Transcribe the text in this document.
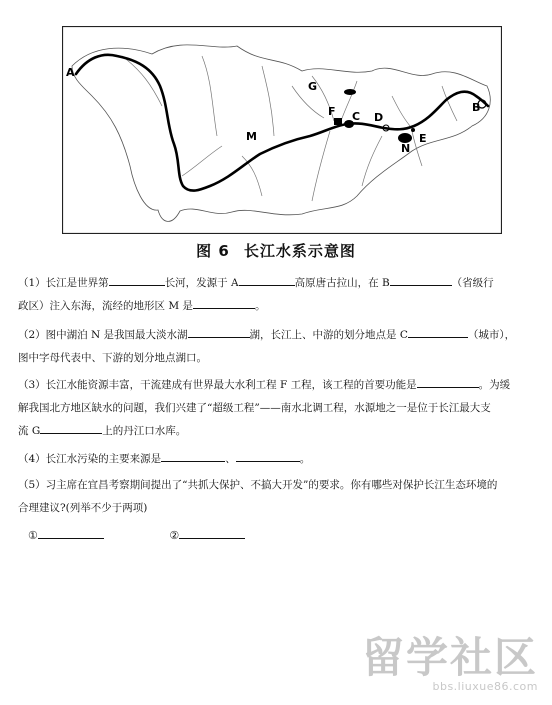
A
B
C D
E
F
G
M
N
图 6 长江水系示意图
（1）长江是世界第	长河，发源于 A	高原唐古拉山，在 B	（省级行
政区）注入东海，流经的地形区 M 是	。
（2）图中湖泊 N 是我国最大淡水湖	湖，长江上、中游的划分地点是 C	（城市），
图中字母代表中、下游的划分地点湖口。
（3）长江水能资源丰富，干流建成有世界最大水利工程 F 工程，该工程的首要功能是	。为缓
解我国北方地区缺水的问题，我们兴建了“超级工程”——南水北调工程，水源地之一是位于长江最大支
流 G	上的丹江口水库。
（4）长江水污染的主要来源是	、	。
（5）习主席在宜昌考察期间提出了“共抓大保护、不搞大开发”的要求。你有哪些对保护长江生态环境的
合理建议?(列举不少于两项)
①	②
留学社区
bbs.liuxue86.com
